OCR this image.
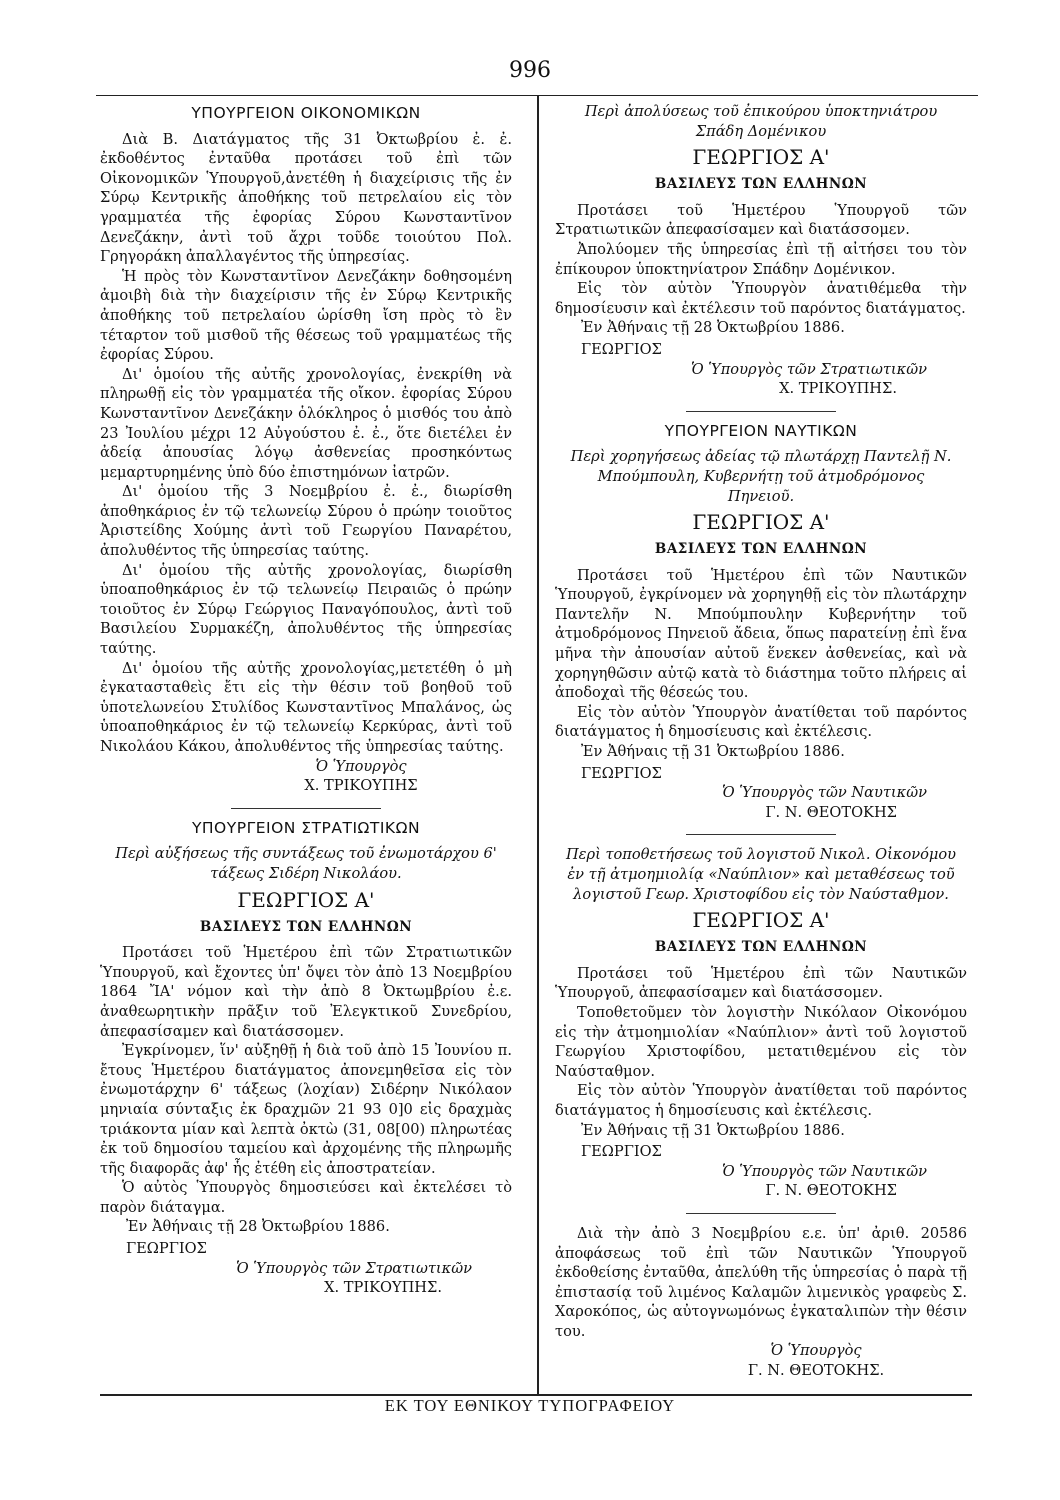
996
ΥΠΟΥΡΓΕΙΟΝ ΟΙΚΟΝΟΜΙΚΩΝ

Διὰ Β. Διατάγματος τῆς 31 Ὀκτωβρίου ἐ. ἐ. ἐκδοθέντος ἐνταῦθα προτάσει τοῦ ἐπὶ τῶν Οἰκονομικῶν Ὑπουργοῦ,ἀνετέθη ἡ διαχείρισις τῆς ἐν Σύρῳ Κεντρικῆς ἀποθήκης τοῦ πετρελαίου εἰς τὸν γραμματέα τῆς ἐφορίας Σύρου Κωνσταντῖνον Δενεζάκην, ἀντὶ τοῦ ἄχρι τοῦδε τοιούτου Πολ. Γρηγοράκη ἀπαλλαγέντος τῆς ὑπηρεσίας.

Ἡ πρὸς τὸν Κωνσταντῖνον Δενεζάκην δοθησομένη ἀμοιβὴ διὰ τὴν διαχείρισιν τῆς ἐν Σύρῳ Κεντρικῆς ἀποθήκης τοῦ πετρελαίου ὡρίσθη ἴση πρὸς τὸ ἓν τέταρτον τοῦ μισθοῦ τῆς θέσεως τοῦ γραμματέως τῆς ἐφορίας Σύρου.

Δι' ὁμοίου τῆς αὐτῆς χρονολογίας, ἐνεκρίθη νὰ πληρωθῇ εἰς τὸν γραμματέα τῆς οἴκον. ἐφορίας Σύρου Κωνσταντῖνον Δενεζάκην ὁλόκληρος ὁ μισθός του ἀπὸ 23 Ἰουλίου μέχρι 12 Αὐγούστου ἐ. ἐ., ὅτε διετέλει ἐν ἀδείᾳ ἀπουσίας λόγῳ ἀσθενείας προσηκόντως μεμαρτυρημένης ὑπὸ δύο ἐπιστημόνων ἰατρῶν.

Δι' ὁμοίου τῆς 3 Νοεμβρίου ἐ. ἐ., διωρίσθη ἀποθηκάριος ἐν τῷ τελωνείῳ Σύρου ὁ πρώην τοιοῦτος Ἀριστείδης Χούμης ἀντὶ τοῦ Γεωργίου Παναρέτου, ἀπολυθέντος τῆς ὑπηρεσίας ταύτης.

Δι' ὁμοίου τῆς αὐτῆς χρονολογίας, διωρίσθη ὑποαποθηκάριος ἐν τῷ τελωνείῳ Πειραιῶς ὁ πρώην τοιοῦτος ἐν Σύρῳ Γεώργιος Παναγόπουλος, ἀντὶ τοῦ Βασιλείου Συρμακέζη, ἀπολυθέντος τῆς ὑπηρεσίας ταύτης.

Δι' ὁμοίου τῆς αὐτῆς χρονολογίας,μετετέθη ὁ μὴ ἐγκατασταθεὶς ἔτι εἰς τὴν θέσιν τοῦ βοηθοῦ τοῦ ὑποτελωνείου Στυλίδος Κωνσταντῖνος Μπαλάνος, ὡς ὑποαποθηκάριος ἐν τῷ τελωνείῳ Κερκύρας, ἀντὶ τοῦ Νικολάου Κάκου, ἀπολυθέντος τῆς ὑπηρεσίας ταύτης.

Ὁ Ὑπουργὸς
Χ. ΤΡΙΚΟΥΠΗΣ
ΥΠΟΥΡΓΕΙΟΝ ΣΤΡΑΤΙΩΤΙΚΩΝ
Περὶ αὐξήσεως τῆς συντάξεως τοῦ ἐνωμοτάρχου 6' τάξεως Σιδέρη Νικολάου.
ΓΕΩΡΓΙΟΣ Α'
ΒΑΣΙΛΕΥΣ ΤΩΝ ΕΛΛΗΝΩΝ

Προτάσει τοῦ Ἡμετέρου ἐπὶ τῶν Στρατιωτικῶν Ὑπουργοῦ, καὶ ἔχοντες ὑπ' ὄψει τὸν ἀπὸ 13 Νοεμβρίου 1864 ἼΑ' νόμον καὶ τὴν ἀπὸ 8 Ὀκτωμβρίου ἐ.ε. ἀναθεωρητικὴν πρᾶξιν τοῦ Ἐλεγκτικοῦ Συνεδρίου, ἀπεφασίσαμεν καὶ διατάσσομεν.

Ἐγκρίνομεν, ἵν' αὐξηθῇ ἡ διὰ τοῦ ἀπὸ 15 Ἰουνίου π. ἔτους Ἡμετέρου διατάγματος ἀπονεμηθεῖσα εἰς τὸν ἐνωμοτάρχην 6' τάξεως (λοχίαν) Σιδέρην Νικόλαον μηνιαία σύνταξις ἐκ δραχμῶν 21 93 0]0 εἰς δραχμὰς τριάκοντα μίαν καὶ λεπτὰ ὀκτὼ (31, 08[00) πληρωτέας ἐκ τοῦ δημοσίου ταμείου καὶ ἀρχομένης τῆς πληρωμῆς τῆς διαφορᾶς ἀφ' ἧς ἐτέθη εἰς ἀποστρατείαν.

Ὁ αὐτὸς Ὑπουργὸς δημοσιεύσει καὶ ἐκτελέσει τὸ παρὸν διάταγμα.

Ἐν Ἀθήναις τῇ 28 Ὀκτωβρίου 1886.
ΓΕΩΡΓΙΟΣ
Ὁ Ὑπουργὸς τῶν Στρατιωτικῶν
Χ. ΤΡΙΚΟΥΠΗΣ.
Περὶ ἀπολύσεως τοῦ ἐπικούρου ὑποκτηνιάτρου Σπάδη Δομένικου
ΓΕΩΡΓΙΟΣ Α'
ΒΑΣΙΛΕΥΣ ΤΩΝ ΕΛΛΗΝΩΝ

Προτάσει τοῦ Ἡμετέρου Ὑπουργοῦ τῶν Στρατιωτικῶν ἀπεφασίσαμεν καὶ διατάσσομεν.

Ἀπολύομεν τῆς ὑπηρεσίας ἐπὶ τῇ αἰτήσει του τὸν ἐπίκουρον ὑποκτηνίατρον Σπάδην Δομένικον.

Εἰς τὸν αὐτὸν Ὑπουργὸν ἀνατιθέμεθα τὴν δημοσίευσιν καὶ ἐκτέλεσιν τοῦ παρόντος διατάγματος.

Ἐν Ἀθήναις τῇ 28 Ὀκτωβρίου 1886.
ΓΕΩΡΓΙΟΣ
Ὁ Ὑπουργὸς τῶν Στρατιωτικῶν
Χ. ΤΡΙΚΟΥΠΗΣ.
ΥΠΟΥΡΓΕΙΟΝ ΝΑΥΤΙΚΩΝ
Περὶ χορηγήσεως ἀδείας τῷ πλωτάρχῃ Παντελῇ Ν. Μπούμπουλη, Κυβερνήτῃ τοῦ ἀτμοδρόμονος Πηνειοῦ.
ΓΕΩΡΓΙΟΣ Α'
ΒΑΣΙΛΕΥΣ ΤΩΝ ΕΛΛΗΝΩΝ

Προτάσει τοῦ Ἡμετέρου ἐπὶ τῶν Ναυτικῶν Ὑπουργοῦ, ἐγκρίνομεν νὰ χορηγηθῇ εἰς τὸν πλωτάρχην Παντελῆν Ν. Μπούμπουλην Κυβερνήτην τοῦ ἀτμοδρόμονος Πηνειοῦ ἄδεια, ὅπως παρατείνῃ ἐπὶ ἕνα μῆνα τὴν ἀπουσίαν αὐτοῦ ἕνεκεν ἀσθενείας, καὶ νὰ χορηγηθῶσιν αὐτῷ κατὰ τὸ διάστημα τοῦτο πλήρεις αἱ ἀποδοχαὶ τῆς θέσεώς του.

Εἰς τὸν αὐτὸν Ὑπουργὸν ἀνατίθεται τοῦ παρόντος διατάγματος ἡ δημοσίευσις καὶ ἐκτέλεσις.

Ἐν Ἀθήναις τῇ 31 Ὀκτωβρίου 1886.
ΓΕΩΡΓΙΟΣ
Ὁ Ὑπουργὸς τῶν Ναυτικῶν
Γ. Ν. ΘΕΟΤΟΚΗΣ
Περὶ τοποθετήσεως τοῦ λογιστοῦ Νικολ. Οἰκονόμου ἐν τῇ ἀτμοημιολίᾳ «Ναύπλιον» καὶ μεταθέσεως τοῦ λογιστοῦ Γεωρ. Χριστοφίδου εἰς τὸν Ναύσταθμον.
ΓΕΩΡΓΙΟΣ Α'
ΒΑΣΙΛΕΥΣ ΤΩΝ ΕΛΛΗΝΩΝ

Προτάσει τοῦ Ἡμετέρου ἐπὶ τῶν Ναυτικῶν Ὑπουργοῦ, ἀπεφασίσαμεν καὶ διατάσσομεν.

Τοποθετοῦμεν τὸν λογιστὴν Νικόλαον Οἰκονόμου εἰς τὴν ἀτμοημιολίαν «Ναύπλιον» ἀντὶ τοῦ λογιστοῦ Γεωργίου Χριστοφίδου, μετατιθεμένου εἰς τὸν Ναύσταθμον.

Εἰς τὸν αὐτὸν Ὑπουργὸν ἀνατίθεται τοῦ παρόντος διατάγματος ἡ δημοσίευσις καὶ ἐκτέλεσις.

Ἐν Ἀθήναις τῇ 31 Ὀκτωβρίου 1886.
ΓΕΩΡΓΙΟΣ
Ὁ Ὑπουργὸς τῶν Ναυτικῶν
Γ. Ν. ΘΕΟΤΟΚΗΣ

Διὰ τὴν ἀπὸ 3 Νοεμβρίου ε.ε. ὑπ' ἀριθ. 20586 ἀποφάσεως τοῦ ἐπὶ τῶν Ναυτικῶν Ὑπουργοῦ ἐκδοθείσης ἐνταῦθα, ἀπελύθη τῆς ὑπηρεσίας ὁ παρὰ τῇ ἐπιστασίᾳ τοῦ λιμένος Καλαμῶν λιμενικὸς γραφεὺς Σ. Χαροκόπος, ὡς αὐτογνωμόνως ἐγκαταλιπὼν τὴν θέσιν του.

Ὁ Ὑπουργὸς
Γ. Ν. ΘΕΟΤΟΚΗΣ.
ΕΚ ΤΟΥ ΕΘΝΙΚΟΥ ΤΥΠΟΓΡΑΦΕΙΟΥ
